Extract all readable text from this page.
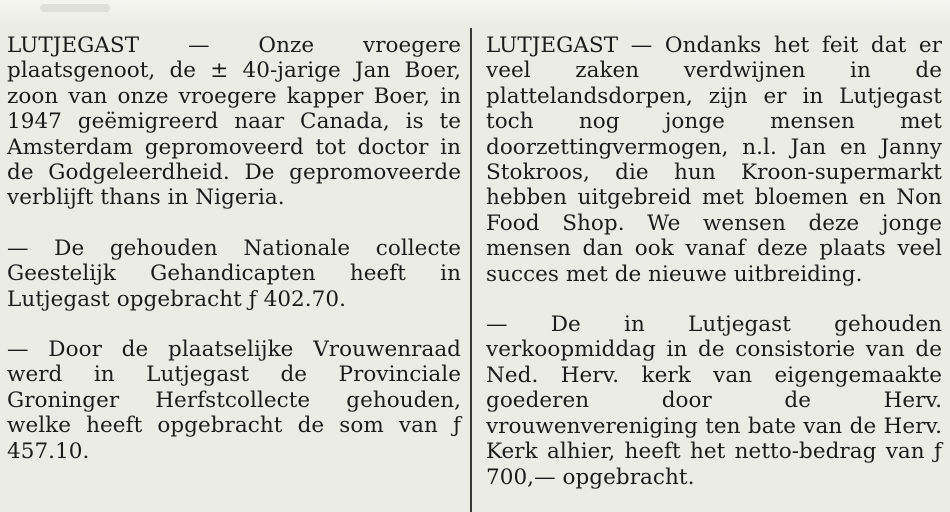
LUTJEGAST — Onze vroegere plaatsgenoot, de ± 40-jarige Jan Boer, zoon van onze vroegere kapper Boer, in 1947 geëmigreerd naar Canada, is te Amsterdam gepromoveerd tot doctor in de Godgeleerdheid. De gepromoveerde verblijft thans in Nigeria.

— De gehouden Nationale collecte Geestelijk Gehandicapten heeft in Lutjegast opgebracht ƒ 402.70.

— Door de plaatselijke Vrouwenraad werd in Lutjegast de Provinciale Groninger Herfstcollecte gehouden, welke heeft opgebracht de som van ƒ 457.10.

LUTJEGAST — Ondanks het feit dat er veel zaken verdwijnen in de plattelandsdorpen, zijn er in Lutjegast toch nog jonge mensen met doorzettingvermogen, n.l. Jan en Janny Stokroos, die hun Kroon-supermarkt hebben uitgebreid met bloemen en Non Food Shop. We wensen deze jonge mensen dan ook vanaf deze plaats veel succes met de nieuwe uitbreiding.

— De in Lutjegast gehouden verkoopmiddag in de consistorie van de Ned. Herv. kerk van eigengemaakte goederen door de Herv. vrouwenvereniging ten bate van de Herv. Kerk alhier, heeft het netto-bedrag van ƒ 700,— opgebracht.
